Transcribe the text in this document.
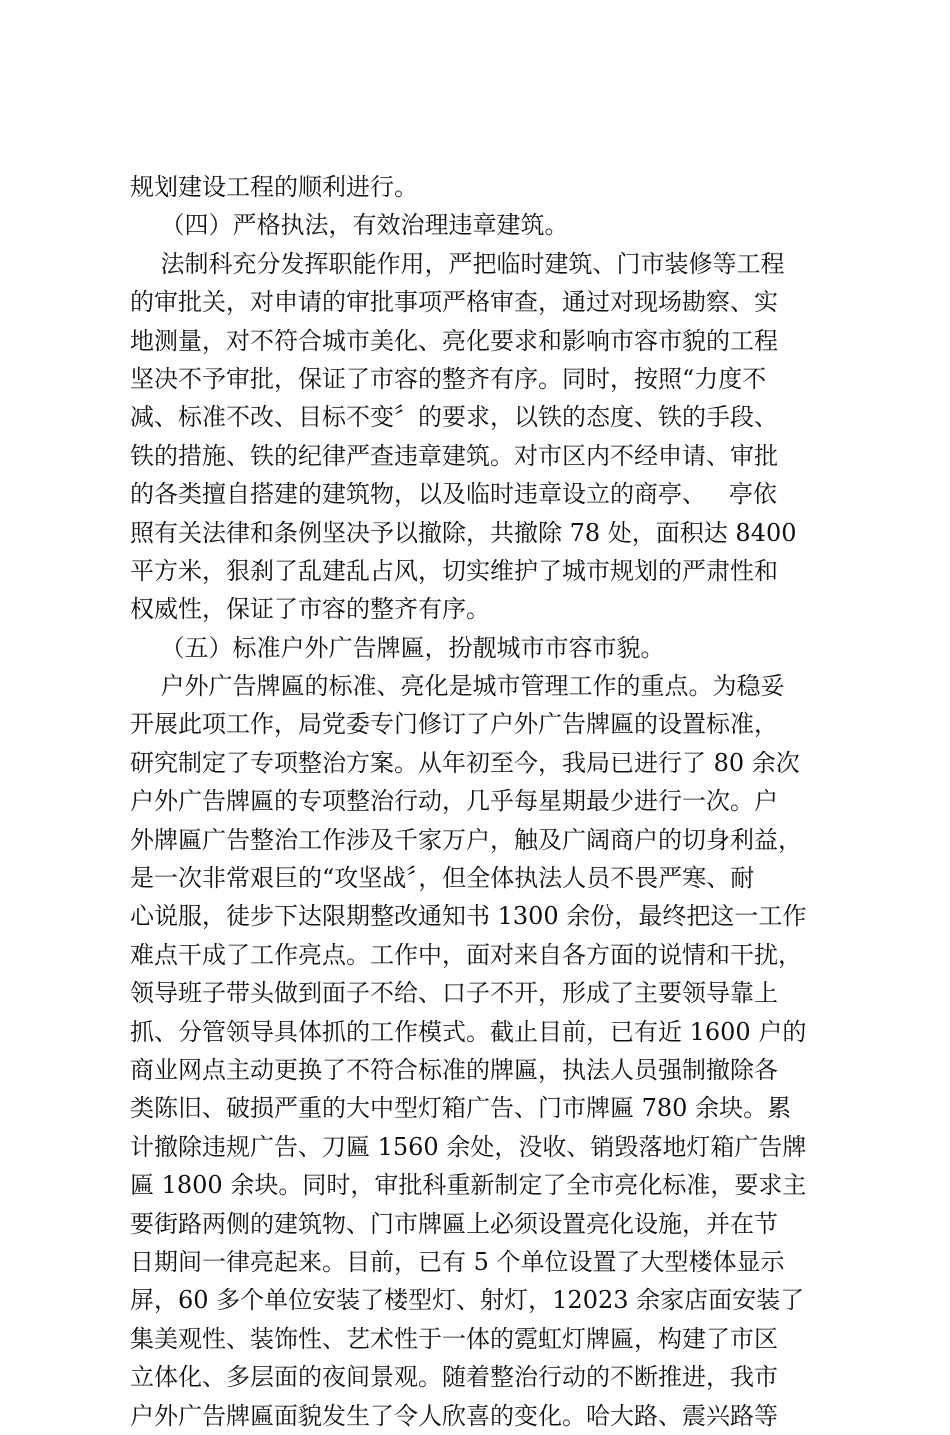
规划建设工程的顺利进行。
（四）严格执法，有效治理违章建筑。
法制科充分发挥职能作用，严把临时建筑、门市装修等工程
的审批关，对申请的审批事项严格审查，通过对现场勘察、实
地测量，对不符合城市美化、亮化要求和影响市容市貌的工程
坚决不予审批，保证了市容的整齐有序。同时，按照“力度不
减、标准不改、目标不变〞的要求，以铁的态度、铁的手段、
铁的措施、铁的纪律严查违章建筑。对市区内不经申请、审批
的各类擅自搭建的建筑物，以及临时违章设立的商亭、   亭依
照有关法律和条例坚决予以撤除，共撤除 78 处，面积达 8400
平方米，狠刹了乱建乱占风，切实维护了城市规划的严肃性和
权威性，保证了市容的整齐有序。
（五）标准户外广告牌匾，扮靓城市市容市貌。
户外广告牌匾的标准、亮化是城市管理工作的重点。为稳妥
开展此项工作，局党委专门修订了户外广告牌匾的设置标准，
研究制定了专项整治方案。从年初至今，我局已进行了 80 余次
户外广告牌匾的专项整治行动，几乎每星期最少进行一次。户
外牌匾广告整治工作涉及千家万户，触及广阔商户的切身利益，
是一次非常艰巨的“攻坚战〞，但全体执法人员不畏严寒、耐
心说服，徒步下达限期整改通知书 1300 余份，最终把这一工作
难点干成了工作亮点。工作中，面对来自各方面的说情和干扰，
领导班子带头做到面子不给、口子不开，形成了主要领导靠上
抓、分管领导具体抓的工作模式。截止目前，已有近 1600 户的
商业网点主动更换了不符合标准的牌匾，执法人员强制撤除各
类陈旧、破损严重的大中型灯箱广告、门市牌匾 780 余块。累
计撤除违规广告、刀匾 1560 余处，没收、销毁落地灯箱广告牌
匾 1800 余块。同时，审批科重新制定了全市亮化标准，要求主
要街路两侧的建筑物、门市牌匾上必须设置亮化设施，并在节
日期间一律亮起来。目前，已有 5 个单位设置了大型楼体显示
屏，60 多个单位安装了楼型灯、射灯，12023 余家店面安装了
集美观性、装饰性、艺术性于一体的霓虹灯牌匾，构建了市区
立体化、多层面的夜间景观。随着整治行动的不断推进，我市
户外广告牌匾面貌发生了令人欣喜的变化。哈大路、震兴路等
